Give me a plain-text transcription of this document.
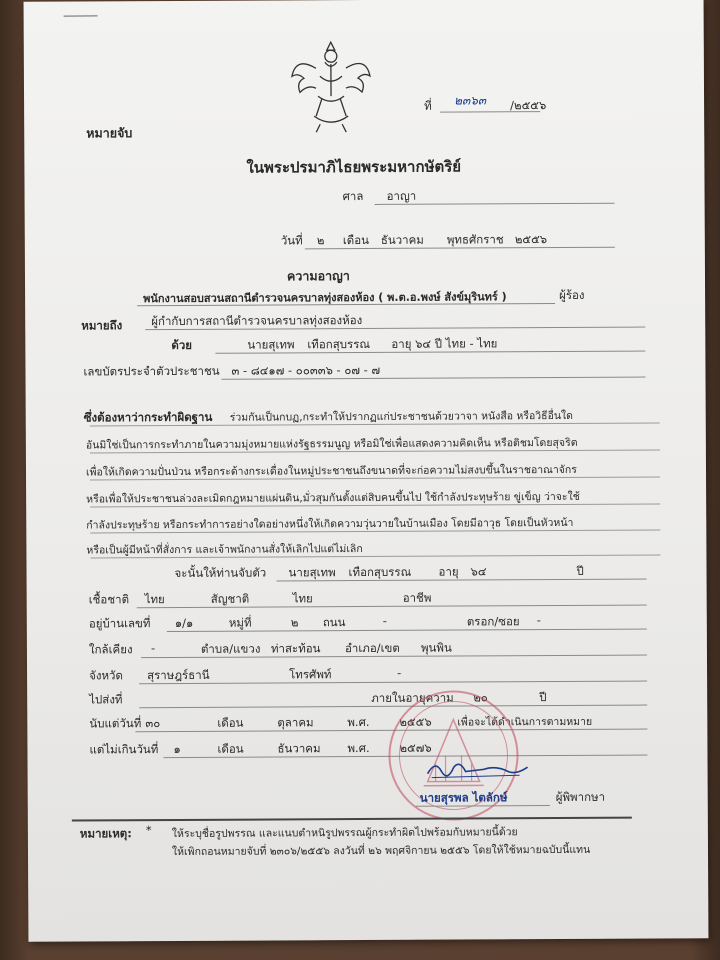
หมายจับ
ที่ ๒๓๖๓ /๒๕๕๖
ในพระปรมาภิไธยพระมหากษัตริย์
ศาล อาญา
วันที่ ๒ เดือน ธันวาคม พุทธศักราช ๒๕๕๖
ความอาญา
พนักงานสอบสวนสถานีตำรวจนครบาลทุ่งสองห้อง ( พ.ต.อ.พงษ์ สังข์มุรินทร์ )	ผู้ร้อง
หมายถึง	ผู้กำกับการสถานีตำรวจนครบาลทุ่งสองห้อง
ด้วย	นายสุเทพ เทือกสุบรรณ อายุ ๖๔ ปี ไทย - ไทย
เลขบัตรประจำตัวประชาชน ๓ - ๘๔๑๗ - ๐๐๓๓๖ - ๐๗ - ๗
ซึ่งต้องหาว่ากระทำผิดฐาน ร่วมกันเป็นกบฏ,กระทำให้ปรากฏแก่ประชาชนด้วยวาจา หนังสือ หรือวิธีอื่นใด
อันมิใช่เป็นการกระทำภายในความมุ่งหมายแห่งรัฐธรรมนูญ หรือมิใช่เพื่อแสดงความคิดเห็น หรือติชมโดยสุจริต
เพื่อให้เกิดความปั่นป่วน หรือกระด้างกระเดื่องในหมู่ประชาชนถึงขนาดที่จะก่อความไม่สงบขึ้นในราชอาณาจักร
หรือเพื่อให้ประชาชนล่วงละเมิดกฎหมายแผ่นดิน,มั่วสุมกันตั้งแต่สิบคนขึ้นไป ใช้กำลังประทุษร้าย ขู่เข็ญ ว่าจะใช้
กำลังประทุษร้าย หรือกระทำการอย่างใดอย่างหนึ่งให้เกิดความวุ่นวายในบ้านเมือง โดยมีอาวุธ โดยเป็นหัวหน้า
หรือเป็นผู้มีหน้าที่สั่งการ และเจ้าพนักงานสั่งให้เลิกไปแต่ไม่เลิก
จะนั้นให้ท่านจับตัว นายสุเทพ เทือกสุบรรณ อายุ ๖๔	ปี
เชื้อชาติ ไทย	สัญชาติ	ไทย	อาชีพ
อยู่บ้านเลขที่ ๑/๑	หมู่ที่	๒ ถนน	-	ตรอก/ซอย -
ใกล้เคียง -	ตำบล/แขวง ท่าสะท้อน อำเภอ/เขต พุนพิน
จังหวัด สุราษฎร์ธานี	โทรศัพท์	-
ไปส่งที่	ภายในอายุความ ๒๐	ปี
นับแต่วันที่ ๓๐	เดือน	ตุลาคม	พ.ศ.	๒๕๕๖ เพื่อจะได้ดำเนินการตามหมาย
แต่ไม่เกินวันที่ ๑	เดือน	ธันวาคม พ.ศ.	๒๕๗๖
นายสุรพล ไตลักษ์	ผู้พิพากษา
หมายเหตุ: * ให้ระบุชื่อรูปพรรณ และแนบตำหนิรูปพรรณผู้กระทำผิดไปพร้อมกับหมายนี้ด้วย
ให้เพิกถอนหมายจับที่ ๒๓๐๖/๒๕๕๖ ลงวันที่ ๒๖ พฤศจิกายน ๒๕๕๖ โดยให้ใช้หมายฉบับนี้แทน
